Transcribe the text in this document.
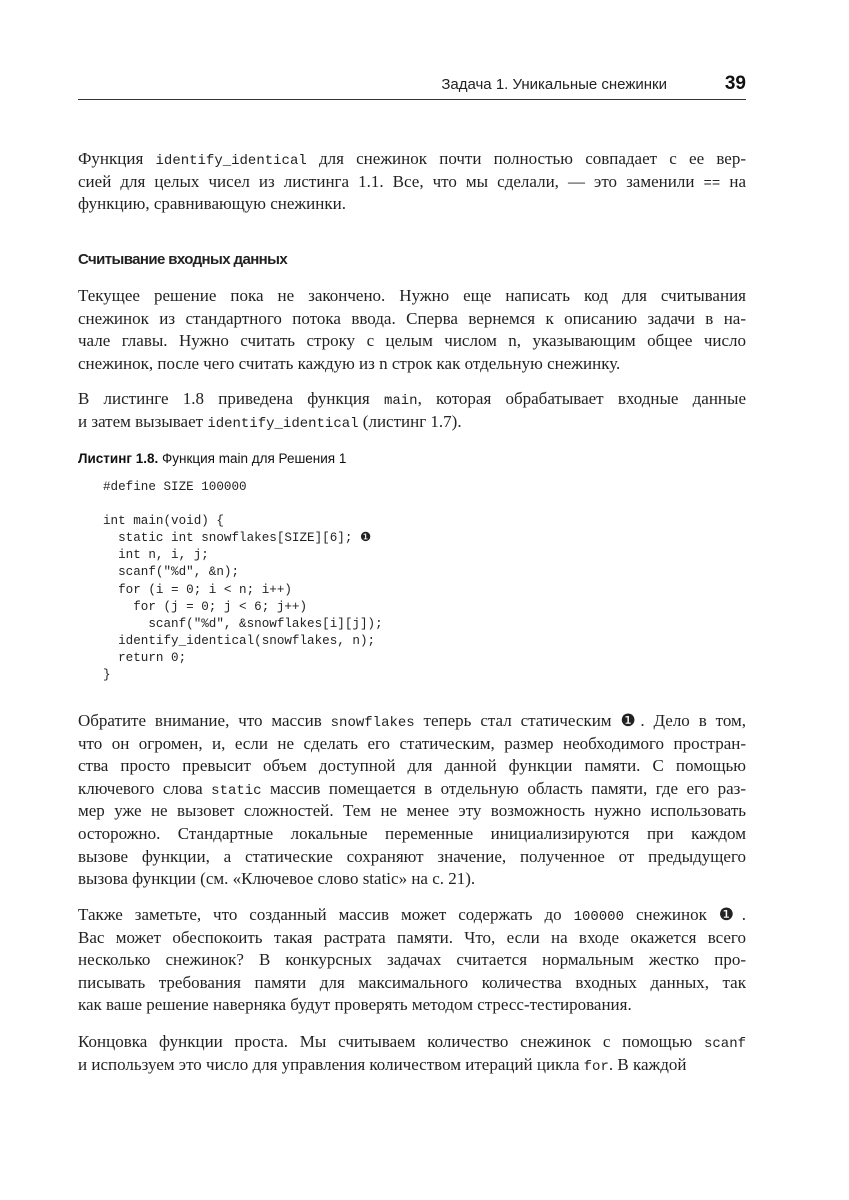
Задача 1. Уникальные снежинки	39
Функция identify_identical для снежинок почти полностью совпадает с ее вер-
сией для целых чисел из листинга 1.1. Все, что мы сделали, — это заменили == на
функцию, сравнивающую снежинки.
Считывание входных данных
Текущее решение пока не закончено. Нужно еще написать код для считывания
снежинок из стандартного потока ввода. Сперва вернемся к описанию задачи в на-
чале главы. Нужно считать строку с целым числом n, указывающим общее число
снежинок, после чего считать каждую из n строк как отдельную снежинку.
В листинге 1.8 приведена функция main, которая обрабатывает входные данные
и затем вызывает identify_identical (листинг 1.7).
Листинг 1.8. Функция main для Решения 1
#define SIZE 100000
int main(void) {
static int snowflakes[SIZE][6]; ❶
int n, i, j;
scanf("%d", &n);
for (i = 0; i < n; i++)
for (j = 0; j < 6; j++)
scanf("%d", &snowflakes[i][j]);
identify_identical(snowflakes, n);
return 0;
}
Обратите внимание, что массив snowflakes теперь стал статическим ❶. Дело в том,
что он огромен, и, если не сделать его статическим, размер необходимого простран-
ства просто превысит объем доступной для данной функции памяти. С помощью
ключевого слова static массив помещается в отдельную область памяти, где его раз-
мер уже не вызовет сложностей. Тем не менее эту возможность нужно использовать
осторожно. Стандартные локальные переменные инициализируются при каждом
вызове функции, а статические сохраняют значение, полученное от предыдущего
вызова функции (см. «Ключевое слово static» на с. 21).
Также заметьте, что созданный массив может содержать до 100000 снежинок ❶.
Вас может обеспокоить такая растрата памяти. Что, если на входе окажется всего
несколько снежинок? В конкурсных задачах считается нормальным жестко про-
писывать требования памяти для максимального количества входных данных, так
как ваше решение наверняка будут проверять методом стресс-тестирования.
Концовка функции проста. Мы считываем количество снежинок с помощью scanf
и используем это число для управления количеством итераций цикла for. В каждой
